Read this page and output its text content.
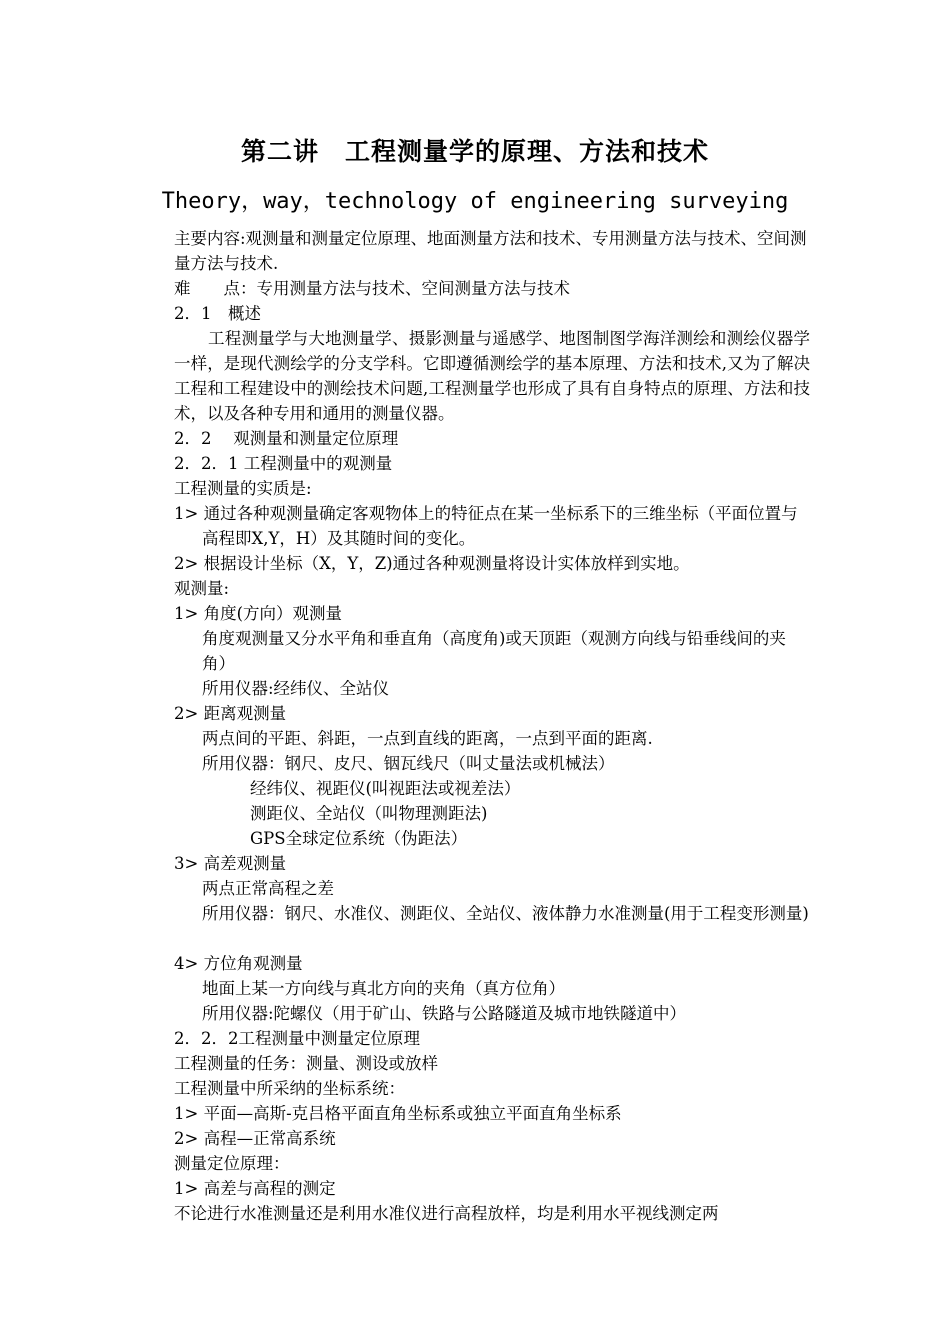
第二讲　工程测量学的原理、方法和技术
Theory，way，technology of engineering surveying
主要内容:观测量和测量定位原理、地面测量方法和技术、专用测量方法与技术、空间测量方法与技术.
难　　点：专用测量方法与技术、空间测量方法与技术
2．1　概述
工程测量学与大地测量学、摄影测量与遥感学、地图制图学海洋测绘和测绘仪器学一样，是现代测绘学的分支学科。它即遵循测绘学的基本原理、方法和技术,又为了解决工程和工程建设中的测绘技术问题,工程测量学也形成了具有自身特点的原理、方法和技术，以及各种专用和通用的测量仪器。
2．2　 观测量和测量定位原理
2．2．1 工程测量中的观测量
工程测量的实质是:
1> 通过各种观测量确定客观物体上的特征点在某一坐标系下的三维坐标（平面位置与高程即X,Y，H）及其随时间的变化。
2> 根据设计坐标（X，Y，Z)通过各种观测量将设计实体放样到实地。
观测量:
1> 角度(方向）观测量
角度观测量又分水平角和垂直角（高度角)或天顶距（观测方向线与铅垂线间的夹角）
所用仪器:经纬仪、全站仪
2> 距离观测量
两点间的平距、斜距，一点到直线的距离，一点到平面的距离.
所用仪器：钢尺、皮尺、铟瓦线尺（叫丈量法或机械法）
经纬仪、视距仪(叫视距法或视差法）
测距仪、全站仪（叫物理测距法)
GPS全球定位系统（伪距法）
3> 高差观测量
两点正常高程之差
所用仪器：钢尺、水准仪、测距仪、全站仪、液体静力水准测量(用于工程变形测量)
4> 方位角观测量
地面上某一方向线与真北方向的夹角（真方位角）
所用仪器:陀螺仪（用于矿山、铁路与公路隧道及城市地铁隧道中）
2．2．2工程测量中测量定位原理
工程测量的任务：测量、测设或放样
工程测量中所采纳的坐标系统：
1> 平面—高斯-克吕格平面直角坐标系或独立平面直角坐标系
2> 高程—正常高系统
测量定位原理：
1> 高差与高程的测定
不论进行水准测量还是利用水准仪进行高程放样，均是利用水平视线测定两
